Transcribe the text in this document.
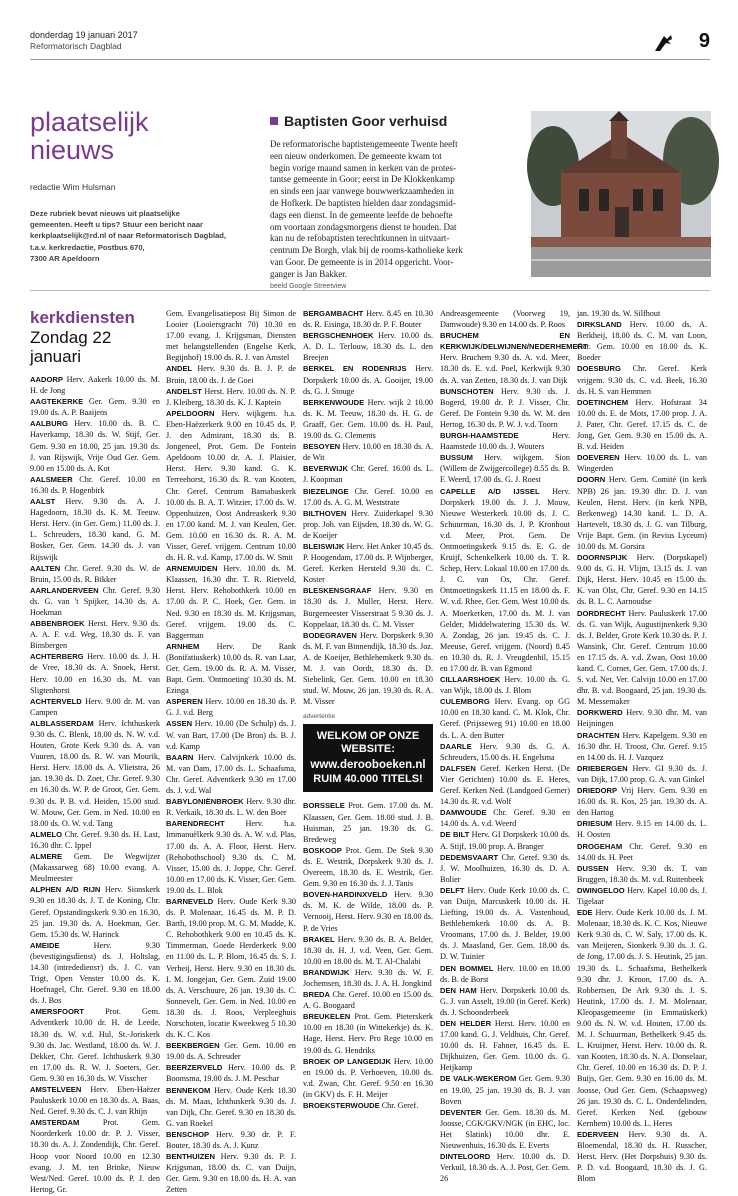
donderdag 19 januari 2017
Reformatorisch Dagblad	9
plaatselijk
nieuws
redactie Wim Hulsman
Deze rubriek bevat nieuws uit plaatselijke
gemeenten. Heeft u tips? Stuur een bericht naar
kerkplaatselijk@rd.nl of naar Reformatorisch Dagblad,
t.a.v. kerkredactie, Postbus 670,
7300 AR Apeldoorn
Baptisten Goor verhuisd
De reformatorische baptistengemeente Twente heeft
een nieuw onderkomen. De gemeente kwam tot
begin vorige maand samen in kerken van de protes-
tantse gemeente in Goor; eerst in De Klokkenkamp
en sinds een jaar vanwege bouwwerkzaamheden in
de Hofkerk. De baptisten hielden daar zondagsmid-
dags een dienst. In de gemeente leefde de behoefte
om voortaan zondagsmorgens dienst te houden. Dat
kan nu de refobaptisten terechtkunnen in uitvaart-
centrum De Borgh, vlak bij de rooms-katholieke kerk
van Goor. De gemeente is in 2014 opgericht. Voor-
ganger is Jan Bakker.
beeld Google Streetview
kerkdiensten
Zondag 22
januari

AADORP Herv. Aakerk 10.00 ds. M. H. de Jong

AAGTEKERKE Ger. Gem. 9.30 en 19.00 ds. A. P. Baaijens

AALBURG Herv. 10.00 ds. B. C. Haverkamp, 18.30 ds. W. Stijf, Ger. Gem. 9.30 en 18.00, 25 jan. 19.30 ds. J. van Rijswijk, Vrije Oud Ger. Gem. 9.00 en 15.00 ds. A. Kot

AALSMEER Chr. Geref. 10.00 en 16.30 ds. P. Hogenbirk

AALST Herv. 9.30 ds. A. J. Hagedoorn, 18.30 ds. K. M. Teeuw. Herst. Herv. (in Ger. Gem.) 11.00 ds. J. L. Schreuders, 18.30 kand. G. M. Bosker, Ger. Gem. 14.30 ds. J. van Rijswijk

AALTEN Chr. Geref. 9.30 ds. W. de Bruin, 15.00 ds. R. Bikker

AARLANDERVEEN Chr. Geref. 9.30 ds. G. van 't Spijker, 14.30 ds. A. Hoekman

ABBENBROEK Herst. Herv. 9.30 ds. A. A. F. v.d. Weg, 18.30 ds. F. van Binsbergen

ACHTERBERG Herv. 10.00 ds. J. H. de Vree, 18.30 ds. A. Snoek, Herst. Herv. 10.00 en 16.30 ds. M. van Sligtenhorst

ACHTERVELD Herv. 9.00 dr. M. van Campen

ALBLASSERDAM Herv. Ichthuskerk 9.30 ds. C. Blenk, 18.00 ds. N. W. v.d. Houten, Grote Kerk 9.30 ds. A. van Vuuren, 18.00 ds. R. W. van Mourik, Herst. Herv. 18.00 ds. A. Vlietstra, 26 jan. 19.30 ds. D. Zoet, Chr. Geref. 9.30 en 16.30 ds. W. P. de Groot, Ger. Gem. 9.30 ds. P. B. v.d. Heiden, 15.00 stud. W. Mouw, Ger. Gem. in Ned. 10.00 en 18.00 ds. O. W. v.d. Tang

ALMELO Chr. Geref. 9.30 ds. H. Last, 16.30 dhr. C. Ippel

ALMERE Gem. De Wegwijzer (Makassarweg 68) 10.00 evang. A. Meulmeester

ALPHEN A/D RIJN Herv. Sionskerk 9.30 en 18.30 ds. J. T. de Koning, Chr. Geref. Opstandingskerk 9.30 en 16.30, 25 jan. 19.30 ds. A. Hoekman, Ger. Gem. 15.30 ds. W. Harinck

AMEIDE	Herv. 9.30 (bevestigingsdienst) ds. J. Holtslag, 14.30 (intredediensт) ds. J. C. van Trigt, Open Venster 10.00 ds. K. Hoefnagel, Chr. Geref. 9.30 en 18.00 ds. J. Bos

AMERSFOORT	Prot. Gem. Adventkerk 10.00 dr. H. de Leede, 18.30 ds. W. v.d. Hul, St.-Joriskerk 9.30 ds. Jac. Westland, 18.00 ds. W. J. Dekker, Chr. Geref. Ichthuskerk 9.30 en 17.00 ds. R. W. J. Soeters, Ger. Gem. 9.30 en 16.30 ds. W. Visscher

AMSTELVEEN Herv. Eben-Haëzer Pauluskerk 10.00 en 18.30 ds. A. Baas, Ned. Geref. 9.30 ds. C. J. van Rhijn

AMSTERDAM	Prot. Gem. Noorderkerk 10.00 dr. P. J. Visser, 18.30 ds. A. J. Zondendijk, Chr. Geref. Hoop voor Noord 10.00 en 12.30 evang. J. M. ten Brinke, Nieuw West/Ned. Geref. 10.00 ds. P. J. den Hertog, Gr.

Gem. Evangelisatiepost Bij Simon de Looier (Looiersgracht 70) 10.30 en 17.00 evang. J. Krijgsman, Diensten met belangstellenden (Engelse Kerk, Begijnhof) 19.00 ds. R. J. van Amstel

ANDEL Herv. 9.30 ds. B. J. P. de Bruin, 18.00 ds. J. de Goei

ANDELST Herst. Herv. 10.00 ds. N. P. J. Kleiberg, 18.30 ds. K. J. Kaptein

APELDOORN Herv. wijkgem. h.a. Eben-Haëzerkerk 9.00 en 10.45 ds. P. J. den Admirant, 18.30 ds. B. Jongeneel, Prot. Gem. De Fontein Apeldoorn 10.00 dr. A. J. Plaisier, Herst. Herv. 9.30 kand. G. K. Terreehorst, 16.30 ds. R. van Kooten, Chr. Geref. Centrum Barnabaskerk 10.00 ds. B. A. T. Witzier, 17.00 ds. W. Oppenhuizen, Oost Andreaskerk 9.30 en 17.00 kand. M. J. van Keulen, Ger. Gem. 10.00 en 16.30 ds. R. A. M. Visser, Geref. vrijgem. Centrum 10.00 ds. H. R. v.d. Kamp, 17.00 ds. W. Smit

ARNEMUIDEN Herv. 10.00 ds. M. Klaassen, 16.30 dhr. T. R. Rietveld, Herst. Herv. Rehobothkerk 10.00 en 17.00 ds. P. C. Hoek, Ger. Gem. in Ned. 9.30 en 18.30 ds. M. Krijgsman, Geref. vrijgem. 19.00 ds. C. Baggerman

ARNHEM Herv. De Rank (Bonifatiuskerk) 10.00 ds. R. van Laar, Ger. Gem. 19.00 ds. R. A. M. Visser, Bapt. Gem. 'Ontmoeting' 10.30 ds. M. Ezinga

ASPEREN Herv. 10.00 en 18.30 ds. P. G. J. v.d. Berg

ASSEN Herv. 10.00 (De Schulp) ds. J. W. van Bart, 17.00 (De Bron) ds. B. J. v.d. Kamp

BAARN Herv. Calvijnkerk 10.00 ds. M. van Dam, 17.00 ds. L. Schaafsma, Chr. Geref. Adventkerk 9.30 en 17.00 ds. J. v.d. Wal

BABYLONIËNBROEK Herv. 9.30 dhr. R. Verkaik, 18.30 ds. L. W. den Boer

BARENDRECHT	Herv. h.a. Immanuëlkerk 9.30 ds. A. W. v.d. Plas, 17.00 ds. A. A. Floor, Herst. Herv. (Rehobothschool) 9.30 ds. C. M. Visser, 15.00 ds. J. Joppe, Chr. Geref. 10.00 en 17.00 ds. K. Visser, Ger. Gem. 19.00 ds. L. Blok

BARNEVELD Herv. Oude Kerk 9.30 ds. P. Molenaar, 16.45 ds. M. P. D. Barth, 19.00 prop. M. G. M. Mudde, K. C. Rehobothkerk 9.00 en 10.45 ds. K. Timmerman, Goede Herderkerk 9.00 en 11.00 ds. L. P. Blom, 16.45 ds. S. J. Verheij, Herst. Herv. 9.30 en 18.30 ds. I. M. Jongejan, Ger. Gem. Zuid 19.00 ds. A. Verschuure, 26 jan. 19.30 ds. C. Sonnevelt, Ger. Gem. in Ned. 10.00 en 18.30 ds. J. Roos, Verpleeghuis Norschoten, locatie Kweekweg 5 10.30 ds. K. C. Kos

BEEKBERGEN Ger. Gem. 10.00 en 19.00 ds. A. Schreuder

BEERZERVELD Herv. 10.00 ds. P. Boomsma, 19.00 ds. J. M. Peschar

BENNEKOM Herv. Oude Kerk 18.30 ds. M. Maas, Ichthuskerk 9.30 ds. J. van Dijk, Chr. Geref. 9.30 en 18.30 ds. G. van Roekel

BENSCHOP Herv. 9.30 dr. P. F. Bouter, 18.30 ds. A. J. Kunz

BENTHUIZEN Herv. 9.30 ds. P. J. Krijgsman, 18.00 ds. C. van Duijn, Ger. Gem. 9.30 en 18.00 ds. H. A. van Zetten

BERGAMBACHT Herv. 8.45 en 10.30 ds. R. Eisinga, 18.30 dr. P. F. Bouter

BERGSCHENHOEK Herv. 10.00 ds. A. D. L. Terlouw, 18.30 ds. L. den Breejen

BERKEL EN RODENRIJS Herv. Dorpskerk 10.00 ds. A. Gooijer, 19.00 ds. G. J. Stouge

BERKENWOUDE Herv. wijk 2 10.00 ds. K. M. Teeuw, 18.30 ds. H. G. de Graaff, Ger. Gem. 10.00 ds. H. Paul, 19.00 ds. G. Clements

BESOYEN Herv. 10.00 en 18.30 ds. A. de Wit

BEVERWIJK Chr. Geref. 16.00 ds. L. J. Koopman

BIEZELINGE Chr. Geref. 10.00 en 17.00 ds. A. G. M. Weststrate

BILTHOVEN Herv. Zuiderkapel 9.30 prop. Joh. van Eijsden, 18.30 ds. W. G. de Koeijer

BLEISWIJK Herv. Het Anker 10.45 ds. P. Hoogendam, 17.00 ds. P. Wijnberger, Geref. Kerken Hersteld 9.30 ds. C. Koster

BLESKENSGRAAF Herv. 9.30 en 18.30 ds. J. Muller, Herst. Herv. Burgemeester Visserstraat 5 9.30 ds. J. Koppelaar, 18.30 ds. C. M. Visser

BODEGRAVEN Herv. Dorpskerk 9.30 ds. M. F. van Binnendijk, 18.30 ds. Joz. A. de Koeijer, Bethlehemkerk 9.30 ds. M. J. van Oordt, 18.30 ds. D. Siebelink, Ger. Gem. 10.00 en 18.30 stud. W. Mouw, 26 jan. 19.30 ds. R. A. M. Visser

advertentie
WELKOM OP ONZE
WEBSITE:
www.derooboeken.nl
RUIM 40.000 TITELS!

BORSSELE Prot. Gem. 17.00 ds. M. Klaassen, Ger. Gem. 18.00 stud. J. B. Huisman, 25 jan. 19.30 ds. G. Bredeweg

BOSKOOP Prot. Gem. De Stek 9.30 ds. E. Westrik, Dorpskerk 9.30 ds. J. Overeem, 18.30 ds. E. Westrik, Ger. Gem. 9.30 en 16.30 ds. J. J. Tanis

BOVEN-HARDINXVELD Herv. 9.30 ds. M. K. de Wilde, 18.00 ds. P. Vernooij, Herst. Herv. 9.30 en 18.00 ds. P. de Vries

BRAKEL Herv. 9.30 ds. B. A. Belder, 18.30 ds. H. J. v.d. Veen, Ger. Gem. 10.00 en 18.00 ds. M. T. Al-Chalabi

BRANDWIJK Herv. 9.30 ds. W. F. Jochemsen, 18.30 ds. J. A. H. Jongkind

BREDA Chr. Geref. 10.00 en 15.00 ds. A. G. Boogaard

BREUKELEN Prot. Gem. Pieterskerk 10.00 en 18.30 (in Wittekerkje) ds. K. Hage, Herst. Herv. Pro Rege 10.00 en 19.00 ds. G. Hendriks

BROEK OP LANGEDIJK Herv. 10.00 en 19.00 ds. P. Verhoeven, 10.00 ds. v.d. Zwan, Chr. Geref. 9.50 en 16.30 (in GKV) ds. F. H. Meijer

BROEKSTERWOUDE Chr. Geref.

Andreasgemeente (Voorweg 19, Damwoude) 9.30 en 14.00 ds. P. Roos

BRUCHEM EN KERKWIJK/DELWIJNEN/NEDERHEMERT Herv. Bruchem 9.30 ds. A. v.d. Meer, 18.30 ds. E. v.d. Poel, Kerkwijk 9.30 ds. A. van Zetten, 18.30 ds. J. van Dijk

BUNSCHOTEN Herv. 9.30 ds. J. Bogerd, 19.00 dr. P. J. Visser, Chr. Geref. De Fontein 9.30 ds. W. M. den Hertog, 16.30 ds. P. W. J. v.d. Toorn

BURGH-HAAMSTEDE	Herv. Haamstede 10.00 ds. J. Wouters

BUSSUM Herv. wijkgem. Sion (Willem de Zwijgercollege) 8.55 ds. B. F. Weerd, 17.00 ds. G. J. Roest

CAPELLE A/D IJSSEL Herv. Dorpskerk 19.00 ds. J. J. Mouw, Nieuwe Westerkerk 10.00 ds. J. C. Schuurman, 16.30 ds. J. P. Kronhout v.d. Meer, Prot. Gem. De Ontmoetingskerk 9.15 ds. E. G. de Kruijf, Schenkelkerk 10.00 ds. T. R. Schep, Herv. Lokaal 10.00 en 17.00 ds. J. C. van Os, Chr. Geref. Ontmoetingskerk 11.15 en 18.00 ds. F. W. v.d. Rhee, Ger. Gem. West 10.00 ds. A. Moerkerken, 17.00 ds. M. J. van Gelder, Middelwatering 15.30 ds. W. A. Zondag, 26 jan. 19.45 ds. C. J. Meeuse, Geref. vrijgem. (Noord) 8.45 en 10.30 ds. R. J. Vreugdenhil, 15.15 en 17.00 dr. B. van Egmond

CILLAARSHOEK Herv. 10.00 ds. G. van Wijk, 18.00 ds. J. Blom

CULEMBORG Herv. Evang. op GG 10.00 en 18.30 kand. C. M. Klok, Chr. Geref. (Prijsseweg 91) 10.00 en 18.00 ds. L. A. den Butter

DAARLE Herv. 9.30 ds. G. A. Schreuders, 15.00 ds. H. Engelsma

DALFSEN Geref. Kerken Herst. (De Vier Gerichten) 10.00 ds. E. Heres, Geref. Kerken Ned. (Landgoed Gerner) 14.30 ds. R. v.d. Wolf

DAMWOUDE Chr. Geref. 9.30 en 14.00 ds. A. v.d. Weerd

DE BILT Herv. GI Dorpskerk 10.00 ds. A. Stijf, 19.00 prop. A. Branger

DEDEMSVAART Chr. Geref. 9.30 ds. J. W. Moolhuizen, 16.30 ds. D. A. Bolier

DELFT Herv. Oude Kerk 10.00 ds. C. van Duijn, Marcuskerk 10.00 ds. H. Liefting, 19.00 ds. A. Vastenhoud, Bethlehemkerk 10.00 ds. A. B. Vroomans, 17.00 ds. J. Belder, 19.00 ds. J. Maasland, Ger. Gem. 18.00 ds. D. W. Tuinier

DEN BOMMEL Herv. 10.00 en 18.00 ds. B. de Borst

DEN HAM Herv. Dorpskerk 10.00 ds. G. J. van Asselt, 19.00 (in Geref. Kerk) ds. J. Schoonderbeek

DEN HELDER Herst. Herv. 10.00 en 17.00 kand. G. J. Veldhuis, Chr. Geref. 10.00 ds. H. Fahner, 16.45 ds. E. Dijkhuizen, Ger. Gem. 10.00 ds. G. Heijkamp

DE VALK-WEKEROM Ger. Gem. 9.30 en 19.00, 25 jan. 19.30 ds. B. J. van Boven

DEVENTER Ger. Gem. 18.30 ds. M. Joosse, CGK/GKV/NGK (in EHC, loc. Het Slatink) 10.00 dhr. E. Nieuwenhuis, 16.30 ds. E. Everts

DINTELOORD Herv. 10.00 ds. D. Verkuil, 18.30 ds. A. J. Post, Ger. Gem. 26

jan. 19.30 ds. W. Silfhout

DIRKSLAND Herv. 10.00 ds. A. Berkheij, 18.00 ds. C. M. van Loon, Ger. Gem. 10.00 en 18.00 ds. K. Boeder

DOESBURG Chr. Geref. Kerk vrijgem. 9.30 ds. C. v.d. Beek, 16.30 ds. H. S. van Hemmen

DOETINCHEM Herv. Hofstraat 34 10.00 ds. E. de Mots, 17.00 prop. J. A. J. Pater, Chr. Geref. 17.15 ds. C. de Jong, Ger. Gem. 9.30 en 15.00 ds. A. B. v.d. Heiden

DOEVEREN Herv. 10.00 ds. L. van Wingerden

DOORN Herv. Gem. Comité (in kerk NPB) 26 jan. 19.30 dhr. D. J. van Keulen, Herst. Herv. (in kerk NPB, Berkenweg) 14.30 kand. L. D. A. Hartevelt, 18.30 ds. J. G. van Tilburg, Vrije Bapt. Gem. (in Revius Lyceum) 10.00 ds. M. Gorsira

DOORNSPIJK Herv. (Dorpskapel) 9.00 ds. G. H. Vlijm, 13.15 ds. J. van Dijk, Herst. Herv. 10.45 en 15.00 ds. K. van Olst, Chr. Geref. 9.30 en 14.15 ds. B. L. C. Aarnoudse

DORDRECHT Herv. Pauluskerk 17.00 ds. G. van Wijk, Augustijnenkerk 9.30 ds. J. Belder, Grote Kerk 10.30 ds. P. J. Wansink, Chr. Geref. Centrum 10.00 en 17.15 ds. A. v.d. Zwan, Oost 10.00 kand. C. Cornet, Ger. Gem. 17.00 ds. J. S. v.d. Net, Ver. Calvijn 10.00 en 17.00 dhr. B. v.d. Boogaard, 25 jan. 19.30 ds. M. Messemaker

DORKWERD Herv. 9.30 dhr. M. van Heijningen

DRACHTEN Herv. Kapelgem. 9.30 en 16.30 dhr. H. Troost, Chr. Geref. 9.15 en 14.00 ds. H. J. Vazquez

DRIEBERGEN Herv. GI 9.30 ds. J. van Dijk, 17.00 prop. G. A. van Ginkel

DRIEDORP Vrij Herv. Gem. 9.30 en 16.00 ds. R. Kos, 25 jan. 19.30 ds. A. den Hartog

DRIESUM Herv. 9.15 en 14.00 ds. L. H. Oosten

DROGEHAM Chr. Geref. 9.30 en 14.00 ds. H. Peet

DUSSEN Herv. 9.30 ds. T. van Bruggen, 18.30 ds. M. v.d. Ruitenbeek

DWINGELOO Herv. Kapel 10.00 ds. J. Tigelaar

EDE Herv. Oude Kerk 10.00 ds. J. M. Molenaar, 18.30 ds. K. C. Kos, Nieuwe Kerk 9.30 ds. C. W. Saly, 17.00 ds. K. van Meijeren, Sionkerk 9.30 ds. J. G. de Jong, 17.00 ds. J. S. Heutink, 25 jan. 19.30 ds. L. Schaafsma, Bethelkerk 9.30 dhr. J. Kroon, 17.00 ds. A. Robbertsen, De Ark 9.30 ds. J. S. Heutink, 17.00 ds. J. M. Molenaar, Kleopasgemeente (in Emmaüskerk) 9.00 ds. N. W. v.d. Houten, 17.00 ds. M. J. Schuurman, Bethelkerk 9.45 ds. L. Kruijmer, Herst. Herv. 10.00 ds. R. van Kooten, 18.30 ds. N. A. Donselaar, Chr. Geref. 10.00 en 16.30 ds. D. P. J. Buijs, Ger. Gem. 9.30 en 16.00 ds. M. Joosse, Oud Ger. Gem. (Schaapsweg) 26 jan. 19.30 ds. C. L. Onderdelinden, Geref. Kerken Ned. (gebouw Kernhem) 10.00 ds. L. Heres

EDERVEEN Herv. 9.30 ds. A. Bloemendal, 18.30 ds. H. Russcher, Herst. Herv. (Het Dorpshuis) 9.30 ds. P. D. v.d. Boogaard, 18.30 ds. J. G. Blom
